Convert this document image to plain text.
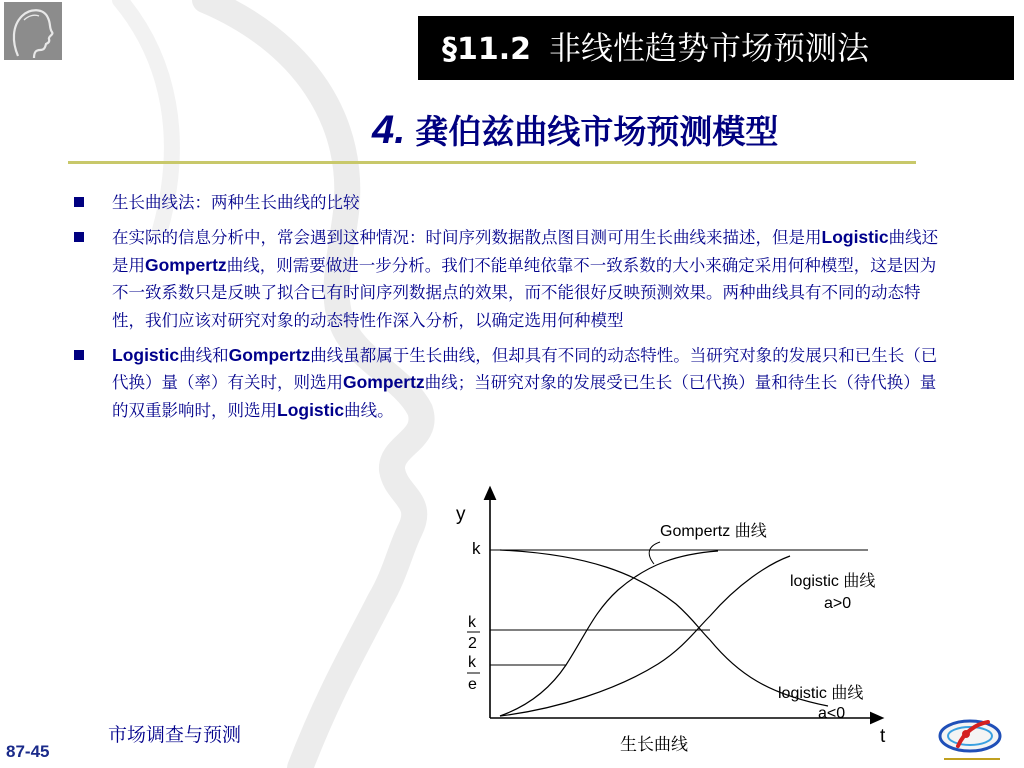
§11.2 非线性趋势市场预测法
4. 龚伯兹曲线市场预测模型
生长曲线法：两种生长曲线的比较
在实际的信息分析中，常会遇到这种情况：时间序列数据散点图目测可用生长曲线来描述，但是用Logistic曲线还是用Gompertz曲线，则需要做进一步分析。我们不能单纯依靠不一致系数的大小来确定采用何种模型，这是因为不一致系数只是反映了拟合已有时间序列数据点的效果，而不能很好反映预测效果。两种曲线具有不同的动态特性，我们应该对研究对象的动态特性作深入分析，以确定选用何种模型
Logistic曲线和Gompertz曲线虽都属于生长曲线，但却具有不同的动态特性。当研究对象的发展只和已生长（已代换）量（率）有关时，则选用Gompertz曲线；当研究对象的发展受已生长（已代换）量和待生长（待代换）量的双重影响时，则选用Logistic曲线。
y
t
k
k
2
k
e
Gompertz 曲线
logistic 曲线
a>0
logistic 曲线
a<0
生长曲线
市场调查与预测
87-45
